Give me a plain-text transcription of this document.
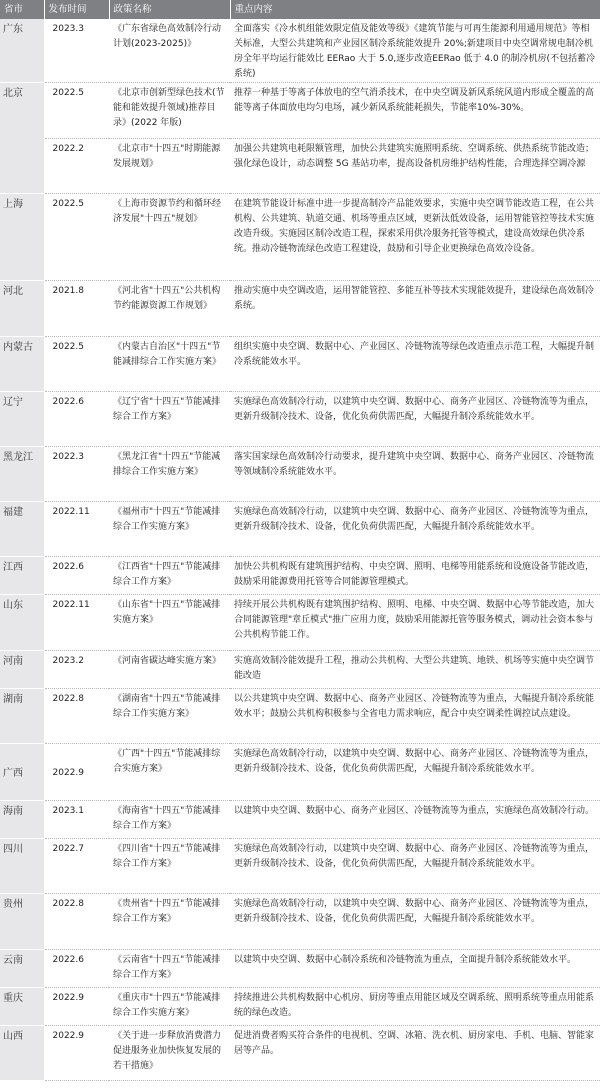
省市	发布时间	政策名称	重点内容
广东	2023.3	《广东省绿色高效制冷行动计划(2023-2025)》	全面落实《冷水机组能效限定值及能效等级》《建筑节能与可再生能源利用通用规范》等相关标准，大型公共建筑和产业园区制冷系统能效提升 20%;新建项目中央空调常规电制冷机房全年平均运行能效比 EERao 大于 5.0,逐步改造EERao 低于 4.0 的制冷机房(不包括蓄冷系统)
北京	2022.5	《北京市创新型绿色技术(节能和能效提升领域)推荐目录》(2022 年版)	推荐一种基于等离子体放电的空气消杀技术，在中央空调及新风系统风道内形成全覆盖的高能等离子体面放电均匀电场，减少新风系统能耗损失，节能率10%-30%。
	2022.2	《北京市"十四五"时期能源发展规划》	加强公共建筑电耗限额管理，加快公共建筑实施照明系统、空调系统、供热系统节能改造；强化绿色设计，动态调整 5G 基站功率，提高设备机房维护结构性能，合理选择空调冷源
上海	2022.5	《上海市资源节约和循环经济发展"十四五"规划》	在建筑节能设计标准中进一步提高制冷产品能效要求，实施中央空调节能改造工程，在公共机构、公共建筑、轨道交通、机场等重点区域，更新汰低效设备，运用智能管控等技术实施改造升级。实施园区制冷改造工程，探索采用供冷服务托管等模式，建设高效绿色供冷系统。推动冷链物流绿色改造工程建设，鼓励和引导企业更换绿色高效冷设备。
河北	2021.8	《河北省"十四五"公共机构节约能源资源工作规划》	推动实施中央空调改造，运用智能管控、多能互补等技术实现能效提升，建设绿色高效制冷系统。
内蒙古	2022.5	《内蒙古自治区"十四五"节能减排综合工作实施方案》	组织实施中央空调、数据中心、产业园区、冷链物流等绿色改造重点示范工程，大幅提升制冷系统能效水平。
辽宁	2022.6	《辽宁省"十四五"节能减排综合工作方案》	实施绿色高效制冷行动，以建筑中央空调、数据中心、商务产业园区、冷链物流等为重点，更新升级制冷技术、设备，优化负荷供需匹配，大幅提升制冷系统能效水平。
黑龙江	2022.3	《黑龙江省"十四五"节能减排综合工作实施方案》	落实国家绿色高效制冷行动要求，提升建筑中央空调、数据中心、商务产业园区、冷链物流等领域制冷系统能效水平。
福建	2022.11	《福州市"十四五"节能减排综合工作实施方案》	实施绿色高效制冷行动，以建筑中央空调、数据中心、商务产业园区、冷链物流等为重点，更新升级制冷技术、设备，优化负荷供需匹配，大幅提升制冷系统能效水平。
江西	2022.6	《江西省"十四五"节能减排综合工作方案》	加快公共机构既有建筑围护结构、中央空调、照明、电梯等用能系统和设施设备节能改造，鼓励采用能源费用托管等合同能源管理模式。
山东	2022.11	《山东省"十四五"节能减排实施方案》	持续开展公共机构既有建筑围护结构、照明、电梯、中央空调、数据中心等节能改造，加大合同能源管理"章丘模式"推广应用力度，鼓励采用能源托管等服务模式，调动社会资本参与公共机构节能工作。
河南	2023.2	《河南省碳达峰实施方案》	实施高效制冷能效提升工程，推动公共机构、大型公共建筑、地铁、机场等实施中央空调节能改造
湖南	2022.8	《湖南省"十四五"节能减排综合工作实施方案》	以公共建筑中央空调、数据中心、商务产业园区、冷链物流等为重点，大幅提升制冷系统能效水平；鼓励公共机构积极参与全省电力需求响应，配合中央空调柔性调控试点建设。
广西	2022.9	《广西"十四五"节能减排综合实施方案》	实施绿色高效制冷行动，以建筑中央空调、数据中心、商务产业园区、冷链物流等为重点，更新升级制冷技术、设备，优化负荷供需匹配，大幅提升制冷系统能效水平。
海南	2023.1	《海南省"十四五"节能减排综合工作方案》	以建筑中央空调、数据中心、商务产业园区、冷链物流等为重点，实施绿色高效制冷行动。
四川	2022.7	《四川省"十四五"节能减排综合工作方案》	实施绿色高效制冷行动，以建筑中央空调、数据中心、商务产业园区、冷链物流等为重点，更新升级制冷技术、设备，优化负荷供需匹配，大幅提升制冷系统能效水平。
贵州	2022.8	《贵州省"十四五"节能减排综合工作方案》	实施绿色高效制冷行动，以建筑中央空调、数据中心、商务产业园区、冷链物流等为重点，更新升级制冷技术、设备，优化负荷供需匹配，大幅提升制冷系统能效水平。
云南	2022.6	《云南省"十四五"节能减排综合工作方案》	以建筑中央空调、数据中心制冷系统和冷链物流为重点，全面提升制冷系统能效水平。
重庆	2022.9	《重庆市"十四五"节能减排综合工作实施方案》	持续推进公共机构数据中心机房、厨房等重点用能区域及空调系统、照明系统等重点用能系统的绿色改造。
山西	2022.9	《关于进一步释放消费潜力促进服务业加快恢复发展的若干措施》	促进消费者购买符合条件的电视机、空调、冰箱、洗衣机、厨房家电、手机、电脑、智能家居等产品。
